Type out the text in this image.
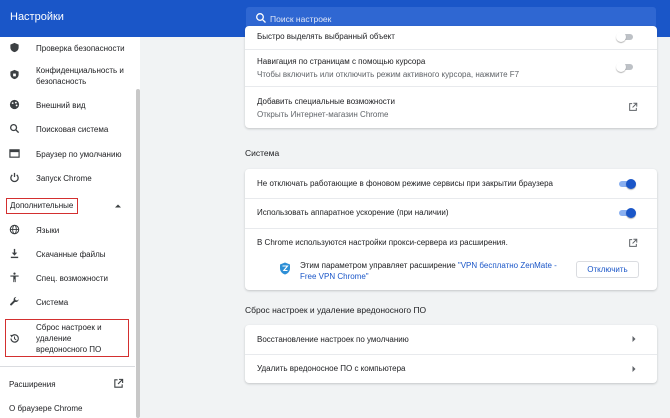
Настройки
Поиск настроек
Проверка безопасности
Конфиденциальность и безопасность
Внешний вид
Поисковая система
Браузер по умолчанию
Запуск Chrome
Дополнительные
Языки
Скачанные файлы
Спец. возможности
Система
Сброс настроек и удаление вредоносного ПО
Расширения
О браузере Chrome
Быстро выделять выбранный объект
Навигация по страницам с помощью курсора
Чтобы включить или отключить режим активного курсора, нажмите F7
Добавить специальные возможности
Открыть Интернет-магазин Chrome
Система
Не отключать работающие в фоновом режиме сервисы при закрытии браузера
Использовать аппаратное ускорение (при наличии)
В Chrome используются настройки прокси-сервера из расширения.
Этим параметром управляет расширение "VPN бесплатно ZenMate - Free VPN Chrome"
Отключить
Сброс настроек и удаление вредоносного ПО
Восстановление настроек по умолчанию
Удалить вредоносное ПО с компьютера
